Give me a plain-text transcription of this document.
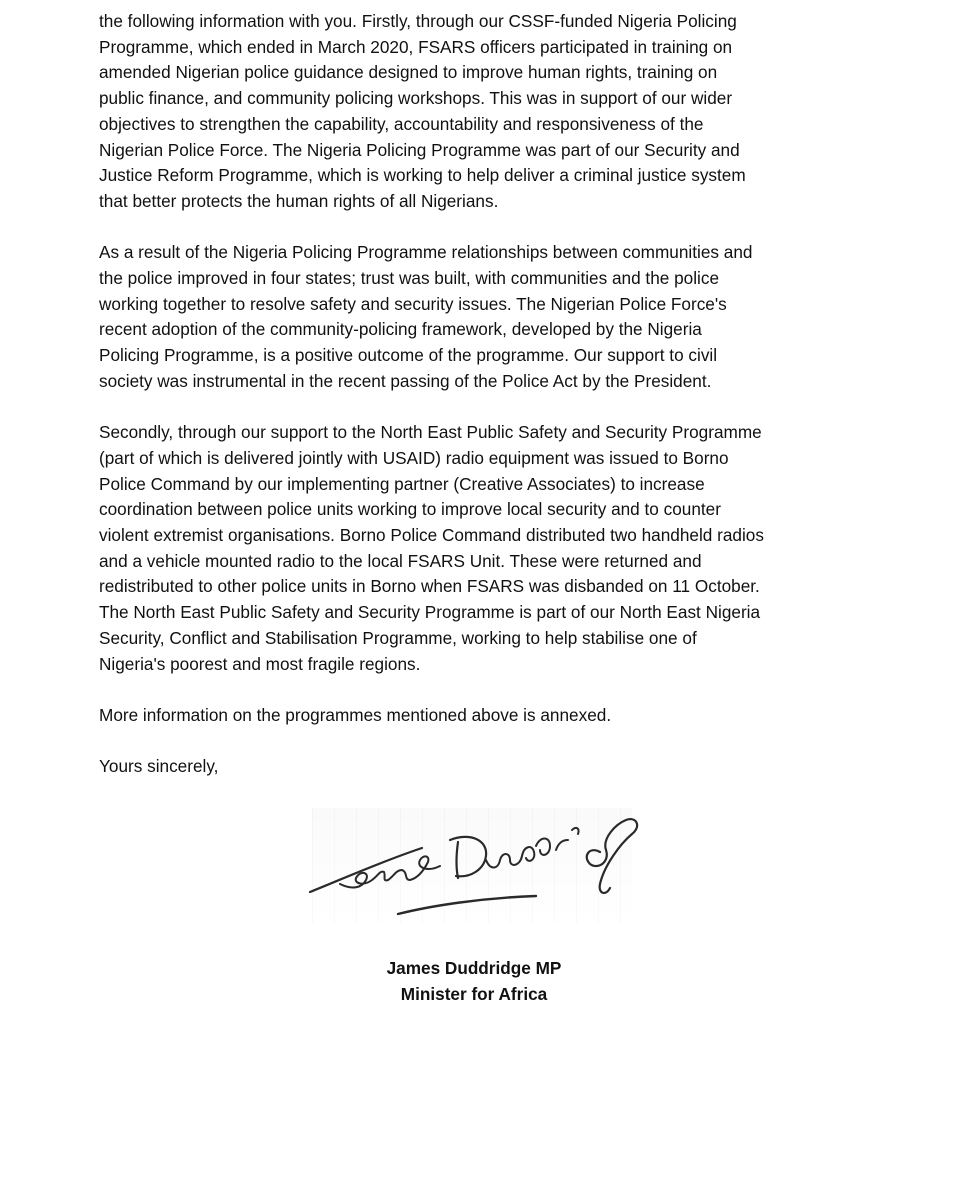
the following information with you. Firstly, through our CSSF-funded Nigeria Policing
Programme, which ended in March 2020, FSARS officers participated in training on
amended Nigerian police guidance designed to improve human rights, training on
public finance, and community policing workshops. This was in support of our wider
objectives to strengthen the capability, accountability and responsiveness of the
Nigerian Police Force. The Nigeria Policing Programme was part of our Security and
Justice Reform Programme, which is working to help deliver a criminal justice system
that better protects the human rights of all Nigerians.

As a result of the Nigeria Policing Programme relationships between communities and
the police improved in four states; trust was built, with communities and the police
working together to resolve safety and security issues. The Nigerian Police Force's
recent adoption of the community-policing framework, developed by the Nigeria
Policing Programme, is a positive outcome of the programme. Our support to civil
society was instrumental in the recent passing of the Police Act by the President.

Secondly, through our support to the North East Public Safety and Security Programme
(part of which is delivered jointly with USAID) radio equipment was issued to Borno
Police Command by our implementing partner (Creative Associates) to increase
coordination between police units working to improve local security and to counter
violent extremist organisations. Borno Police Command distributed two handheld radios
and a vehicle mounted radio to the local FSARS Unit. These were returned and
redistributed to other police units in Borno when FSARS was disbanded on 11 October.
The North East Public Safety and Security Programme is part of our North East Nigeria
Security, Conflict and Stabilisation Programme, working to help stabilise one of
Nigeria's poorest and most fragile regions.

More information on the programmes mentioned above is annexed.

Yours sincerely,

James Duddridge MP
Minister for Africa
